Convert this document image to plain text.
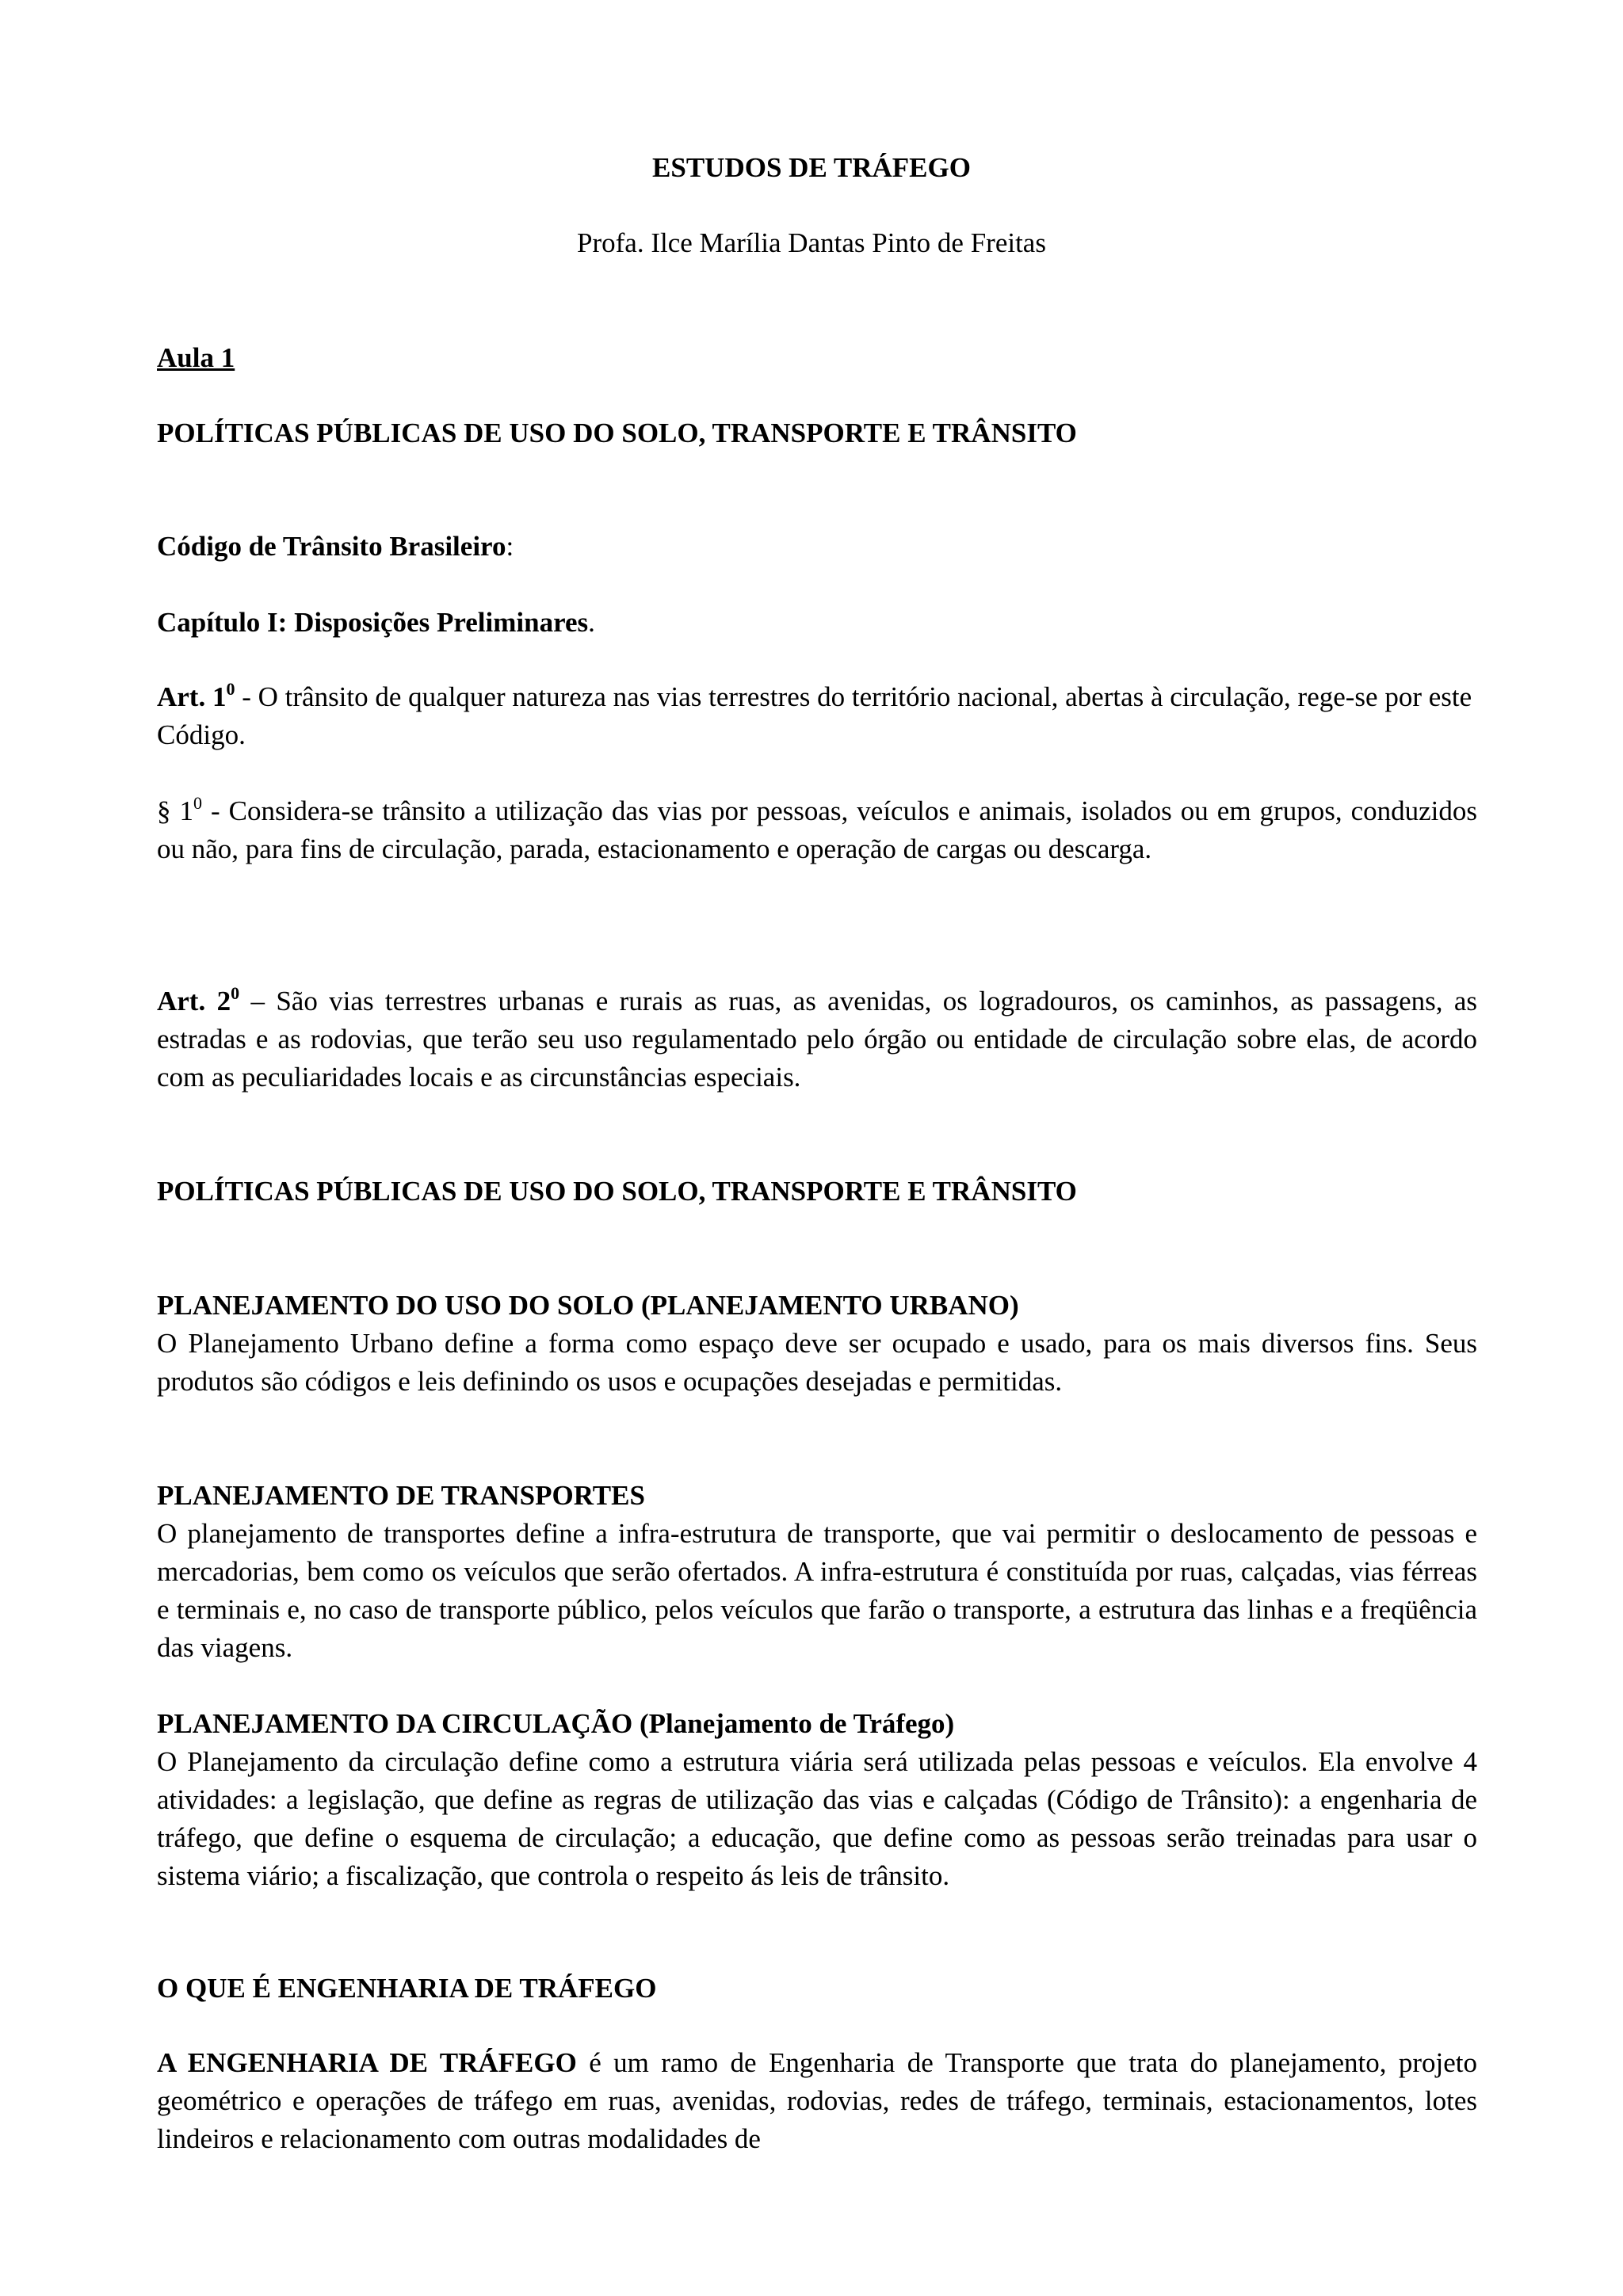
ESTUDOS DE TRÁFEGO

Profa. Ilce Marília Dantas Pinto de Freitas

Aula 1

POLÍTICAS PÚBLICAS DE USO DO SOLO, TRANSPORTE E TRÂNSITO

Código de Trânsito Brasileiro:

Capítulo I: Disposições Preliminares.

Art. $1^0$ - O trânsito de qualquer natureza nas vias terrestres do território nacional, abertas à circulação, rege-se por este Código.

§ $1^0$ - Considera-se trânsito a utilização das vias por pessoas, veículos e animais, isolados ou em grupos, conduzidos ou não, para fins de circulação, parada, estacionamento e operação de cargas ou descarga.

Art. $2^0$ – São vias terrestres urbanas e rurais as ruas, as avenidas, os logradouros, os caminhos, as passagens, as estradas e as rodovias, que terão seu uso regulamentado pelo órgão ou entidade de circulação sobre elas, de acordo com as peculiaridades locais e as circunstâncias especiais.

POLÍTICAS PÚBLICAS DE USO DO SOLO, TRANSPORTE E TRÂNSITO

PLANEJAMENTO DO USO DO SOLO (PLANEJAMENTO URBANO)

O Planejamento Urbano define a forma como espaço deve ser ocupado e usado, para os mais diversos fins. Seus produtos são códigos e leis definindo os usos e ocupações desejadas e permitidas.

PLANEJAMENTO DE TRANSPORTES

O planejamento de transportes define a infra-estrutura de transporte, que vai permitir o deslocamento de pessoas e mercadorias, bem como os veículos que serão ofertados. A infra-estrutura é constituída por ruas, calçadas, vias férreas e terminais e, no caso de transporte público, pelos veículos que farão o transporte, a estrutura das linhas e a freqüência das viagens.

PLANEJAMENTO DA CIRCULAÇÃO (Planejamento de Tráfego)

O Planejamento da circulação define como a estrutura viária será utilizada pelas pessoas e veículos. Ela envolve 4 atividades: a legislação, que define as regras de utilização das vias e calçadas (Código de Trânsito): a engenharia de tráfego, que define o esquema de circulação; a educação, que define como as pessoas serão treinadas para usar o sistema viário; a fiscalização, que controla o respeito ás leis de trânsito.

O QUE É ENGENHARIA DE TRÁFEGO

A ENGENHARIA DE TRÁFEGO é um ramo de Engenharia de Transporte que trata do planejamento, projeto geométrico e operações de tráfego em ruas, avenidas, rodovias, redes de tráfego, terminais, estacionamentos, lotes lindeiros e relacionamento com outras modalidades de
